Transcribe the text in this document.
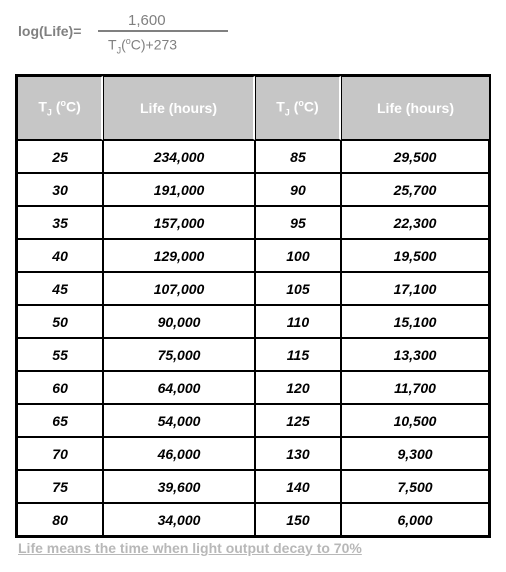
log(Life)=
1,600
$T_J(^oC)+273$
$T_J$ ($^o$C)	Life (hours)	$T_J$ ($^o$C)	Life (hours)
25	234,000	85	29,500
30	191,000	90	25,700
35	157,000	95	22,300
40	129,000	100	19,500
45	107,000	105	17,100
50	90,000	110	15,100
55	75,000	115	13,300
60	64,000	120	11,700
65	54,000	125	10,500
70	46,000	130	9,300
75	39,600	140	7,500
80	34,000	150	6,000
Life means the time when light output decay to 70%
